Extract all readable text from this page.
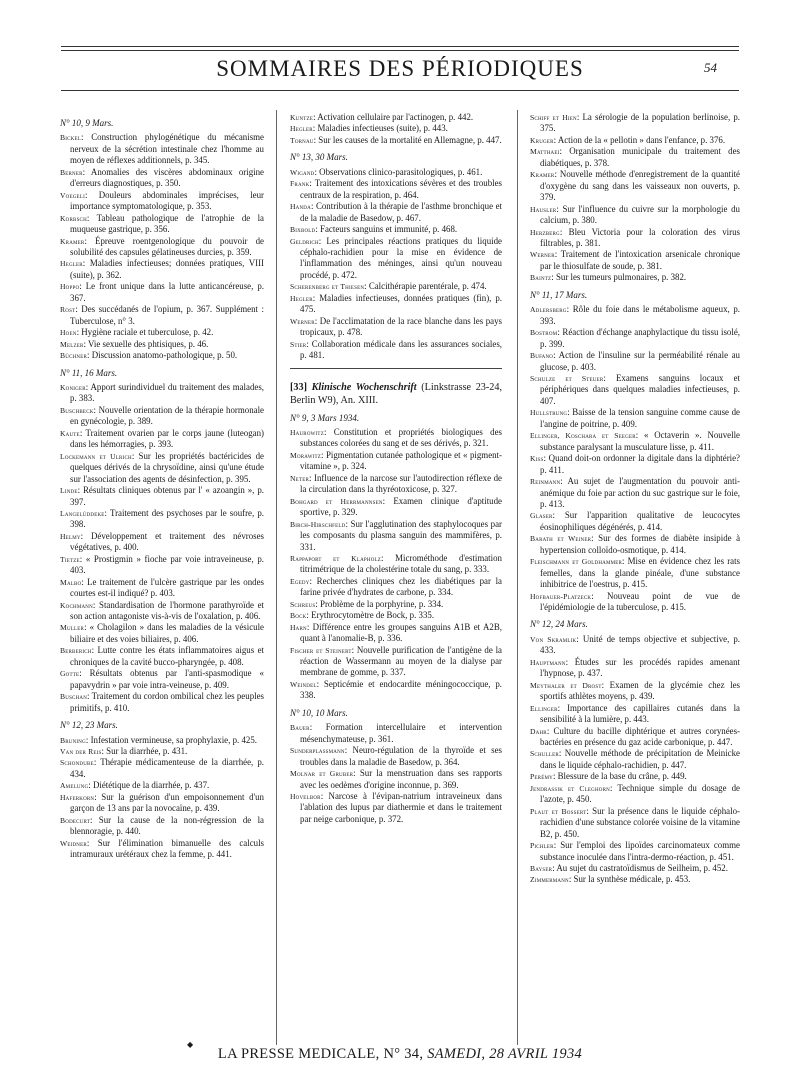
SOMMAIRES DES PÉRIODIQUES	54
N° 10, 9 Mars.

Bickel: Construction phylogénétique du mécanisme nerveux de la sécrétion intestinale chez l'homme au moyen de réflexes additionnels, p. 345.

Berner: Anomalies des viscères abdominaux origine d'erreurs diagnostiques, p. 350.

Voegeli: Douleurs abdominales imprécises, leur importance symptomatologique, p. 353.

Korbsch: Tableau pathologique de l'atrophie de la muqueuse gastrique, p. 356.

Kramer: Épreuve roentgenologique du pouvoir de solubilité des capsules gélatineuses durcies, p. 359.

Hegler: Maladies infectieuses; données pratiques, VIII (suite), p. 362.

Hoppo: Le front unique dans la lutte anticancéreuse, p. 367.

Rost: Des succédanés de l'opium, p. 367. Supplément : Tuberculose, n° 3.

Hoen: Hygiène raciale et tuberculose, p. 42.

Melzer: Vie sexuelle des phtisiques, p. 46.

Büchner: Discussion anatomo-pathologique, p. 50.

N° 11, 16 Mars.

Koniger: Apport surindividuel du traitement des malades, p. 383.

Buschbeck: Nouvelle orientation de la thérapie hormonale en gynécologie, p. 389.

Kaute: Traitement ovarien par le corps jaune (luteogan) dans les hémorragies, p. 393.

Lockemann et Ulrich: Sur les propriétés bactéricides de quelques dérivés de la chrysoïdine, ainsi qu'une étude sur l'association des agents de désinfection, p. 395.

Linde: Résultats cliniques obtenus par l' « azoangin », p. 397.

Langelüddeke: Traitement des psychoses par le soufre, p. 398.

Helmy: Développement et traitement des névroses végétatives, p. 400.

Tietze: « Prostigmin » fioche par voie intraveineuse, p. 403.

Malbo: Le traitement de l'ulcère gastrique par les ondes courtes est-il indiqué? p. 403.

Kochmann: Standardisation de l'hormone parathyroïde et son action antagoniste vis-à-vis de l'oxalation, p. 406.

Muller: « Cholagilon » dans les maladies de la vésicule biliaire et des voies biliaires, p. 406.

Berberich: Lutte contre les états inflammatoires aigus et chroniques de la cavité bucco-pharyngée, p. 408.

Gotte: Résultats obtenus par l'anti-spasmodique « papavydrin » par voie intra-veineuse, p. 409.

Buschan: Traitement du cordon ombilical chez les peuples primitifs, p. 410.

N° 12, 23 Mars.

Bruning: Infestation vermineuse, sa prophylaxie, p. 425.

Van der Reis: Sur la diarrhée, p. 431.

Schondube: Thérapie médicamenteuse de la diarrhée, p. 434.

Amelung: Diététique de la diarrhée, p. 437.

Haferkorn: Sur la guérison d'un empoisonnement d'un garçon de 13 ans par la novocaïne, p. 439.

Bodecurt: Sur la cause de la non-régression de la blennoragie, p. 440.

Weidner: Sur l'élimination bimanuelle des calculs intramuraux urétéraux chez la femme, p. 441.

Kuntze: Activation cellulaire par l'actinogen, p. 442.

Hegler: Maladies infectieuses (suite), p. 443.

Tornau: Sur les causes de la mortalité en Allemagne, p. 447.

N° 13, 30 Mars.

Wigand: Observations clinico-parasitologiques, p. 461.

Frank: Traitement des intoxications sévères et des troubles centraux de la respiration, p. 464.

Handa: Contribution à la thérapie de l'asthme bronchique et de la maladie de Basedow, p. 467.

Bixbold: Facteurs sanguins et immunité, p. 468.

Geldrich: Les principales réactions pratiques du liquide céphalo-rachidien pour la mise en évidence de l'inflammation des méninges, ainsi qu'un nouveau procédé, p. 472.

Scherenberg et Thiesen: Calcithérapie parentérale, p. 474.

Hegler: Maladies infectieuses, données pratiques (fin), p. 475.

Werner: De l'acclimatation de la race blanche dans les pays tropicaux, p. 478.

Stier: Collaboration médicale dans les assurances sociales, p. 481.

[33] Klinische Wochenschrift (Linkstrasse 23-24, Berlin W9), An. XIII.
N° 9, 3 Mars 1934.

Haurowitz: Constitution et propriétés biologiques des substances colorées du sang et de ses dérivés, p. 321.

Morawitz: Pigmentation cutanée pathologique et « pigment-vitamine », p. 324.

Neter: Influence de la narcose sur l'autodirection réflexe de la circulation dans la thyréotoxicose, p. 327.

Bohgard et Herrmannsen: Examen clinique d'aptitude sportive, p. 329.

Birch-Hirschfeld: Sur l'agglutination des staphylocoques par les composants du plasma sanguin des mammifères, p. 331.

Rappaport et Klapholz: Microméthode d'estimation titrimétrique de la cholestérine totale du sang, p. 333.

Egedy: Recherches cliniques chez les diabétiques par la farine privée d'hydrates de carbone, p. 334.

Schreus: Problème de la porphyrine, p. 334.

Bock: Erythrocytomètre de Bock, p. 335.

Harn: Différence entre les groupes sanguins A1B et A2B, quant à l'anomalie-B, p. 336.

Fischer et Steinert: Nouvelle purification de l'antigène de la réaction de Wassermann au moyen de la dialyse par membrane de gomme, p. 337.

Weindel: Septicémie et endocardite méningococcique, p. 338.

N° 10, 10 Mars.

Bauer: Formation intercellulaire et intervention mésenchymateuse, p. 361.

Sunderplassmann: Neuro-régulation de la thyroïde et ses troubles dans la maladie de Basedow, p. 364.

Molnar et Gruber: Sur la menstruation dans ses rapports avec les oedèmes d'origine inconnue, p. 369.

Hovelbor: Narcose à l'évipan-natrium intraveineux dans l'ablation des lupus par diathermie et dans le traitement par neige carbonique, p. 372.

Schiff et Hien: La sérologie de la population berlinoise, p. 375.

Kruger: Action de la « pellotin » dans l'enfance, p. 376.

Matthaei: Organisation municipale du traitement des diabétiques, p. 378.

Kramer: Nouvelle méthode d'enregistrement de la quantité d'oxygène du sang dans les vaisseaux non ouverts, p. 379.

Hausler: Sur l'influence du cuivre sur la morphologie du calcium, p. 380.

Herzberg: Bleu Victoria pour la coloration des virus filtrables, p. 381.

Werner: Traitement de l'intoxication arsenicale chronique par le thiosulfate de soude, p. 381.

Baintz: Sur les tumeurs pulmonaires, p. 382.

N° 11, 17 Mars.

Adlersberg: Rôle du foie dans le métabolisme aqueux, p. 393.

Bostrom: Réaction d'échange anaphylactique du tissu isolé, p. 399.

Bufano: Action de l'insuline sur la perméabilité rénale au glucose, p. 403.

Schulze et Steuer: Examens sanguins locaux et périphériques dans quelques maladies infectieuses, p. 407.

Hullstrung: Baisse de la tension sanguine comme cause de l'angine de poitrine, p. 409.

Ellinger, Koschara et Seeger: « Octaverin ». Nouvelle substance paralysant la musculature lisse, p. 411.

Kiss: Quand doit-on ordonner la digitale dans la diphtérie? p. 411.

Reinmann: Au sujet de l'augmentation du pouvoir anti-anémique du foie par action du suc gastrique sur le foie, p. 413.

Glaser: Sur l'apparition qualitative de leucocytes éosinophiliques dégénérés, p. 414.

Barath et Weiner: Sur des formes de diabète insipide à hypertension colloïdo-osmotique, p. 414.

Fleischmann et Goldhammer: Mise en évidence chez les rats femelles, dans la glande pinéale, d'une substance inhibitrice de l'oestrus, p. 415.

Hofbauer-Platzeck: Nouveau point de vue de l'épidémiologie de la tuberculose, p. 415.

N° 12, 24 Mars.

Von Skramlik: Unité de temps objective et subjective, p. 433.

Hauptmann: Études sur les procédés rapides amenant l'hypnose, p. 437.

Meythaler et Drost: Examen de la glycémie chez les sportifs athlètes moyens, p. 439.

Ellinger: Importance des capillaires cutanés dans la sensibilité à la lumière, p. 443.

Dahr: Culture du bacille diphtérique et autres corynées-bactéries en présence du gaz acide carbonique, p. 447.

Schuller: Nouvelle méthode de précipitation de Meinicke dans le liquide céphalo-rachidien, p. 447.

Perémy: Blessure de la base du crâne, p. 449.

Jendrassik et Cleghorn: Technique simple du dosage de l'azote, p. 450.

Plaut et Bossert: Sur la présence dans le liquide céphalo-rachidien d'une substance colorée voisine de la vitamine B2, p. 450.

Pichler: Sur l'emploi des lipoïdes carcinomateux comme substance inoculée dans l'intra-dermo-réaction, p. 451.

Bayser: Au sujet du castratoïdismus de Seilheim, p. 452.

Zimmermann: Sur la synthèse médicale, p. 453.

◆
LA PRESSE MEDICALE, N° 34, SAMEDI, 28 AVRIL 1934
